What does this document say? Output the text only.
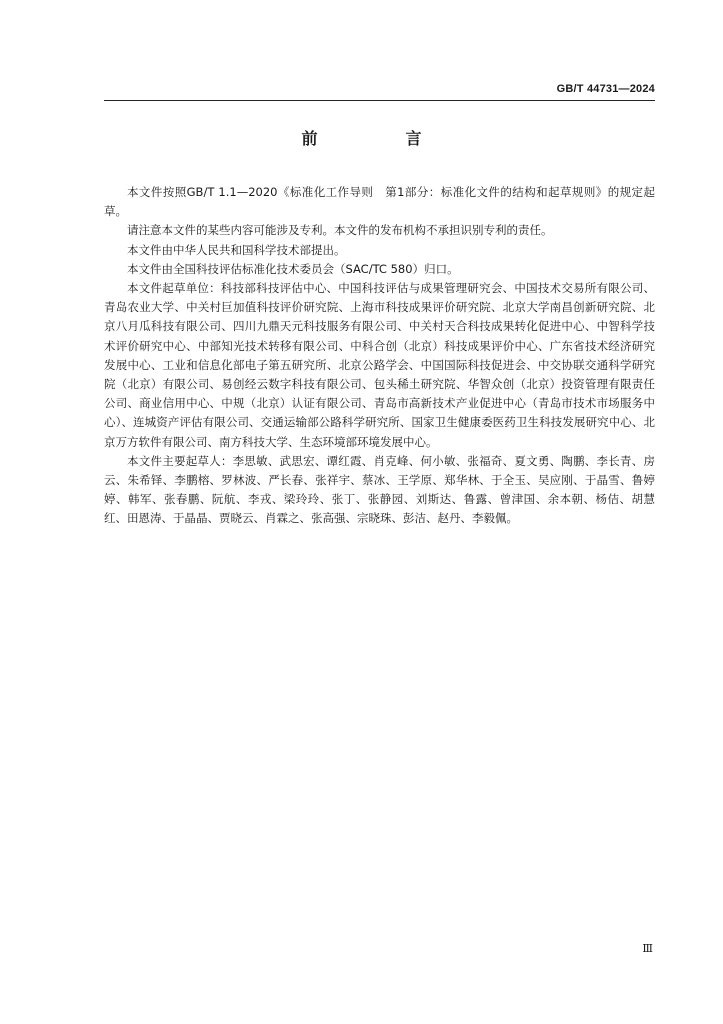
GB/T 44731—2024
前　言

本文件按照GB/T 1.1—2020《标准化工作导则　第1部分：标准化文件的结构和起草规则》的规定起草。

请注意本文件的某些内容可能涉及专利。本文件的发布机构不承担识别专利的责任。

本文件由中华人民共和国科学技术部提出。

本文件由全国科技评估标准化技术委员会（SAC/TC 580）归口。

本文件起草单位：科技部科技评估中心、中国科技评估与成果管理研究会、中国技术交易所有限公司、青岛农业大学、中关村巨加值科技评价研究院、上海市科技成果评价研究院、北京大学南昌创新研究院、北京八月瓜科技有限公司、四川九鼎天元科技服务有限公司、中关村天合科技成果转化促进中心、中智科学技术评价研究中心、中部知光技术转移有限公司、中科合创（北京）科技成果评价中心、广东省技术经济研究发展中心、工业和信息化部电子第五研究所、北京公路学会、中国国际科技促进会、中交协联交通科学研究院（北京）有限公司、易创经云数字科技有限公司、包头稀土研究院、华智众创（北京）投资管理有限责任公司、商业信用中心、中规（北京）认证有限公司、青岛市高新技术产业促进中心（青岛市技术市场服务中心）、连城资产评估有限公司、交通运输部公路科学研究所、国家卫生健康委医药卫生科技发展研究中心、北京万方软件有限公司、南方科技大学、生态环境部环境发展中心。

本文件主要起草人：李思敏、武思宏、谭红霞、肖克峰、何小敏、张福奇、夏文勇、陶鹏、李长青、房云、朱希铎、李鹏榕、罗林波、严长春、张祥宇、蔡冰、王学原、郑华林、于全玉、吴应刚、于晶雪、鲁婷婷、韩军、张春鹏、阮航、李戎、梁玲玲、张丁、张静园、刘斯达、鲁露、曾津国、余本朝、杨佶、胡慧红、田恩涛、于晶晶、贾晓云、肖霖之、张高强、宗晓珠、彭洁、赵丹、李毅佩。

Ⅲ
